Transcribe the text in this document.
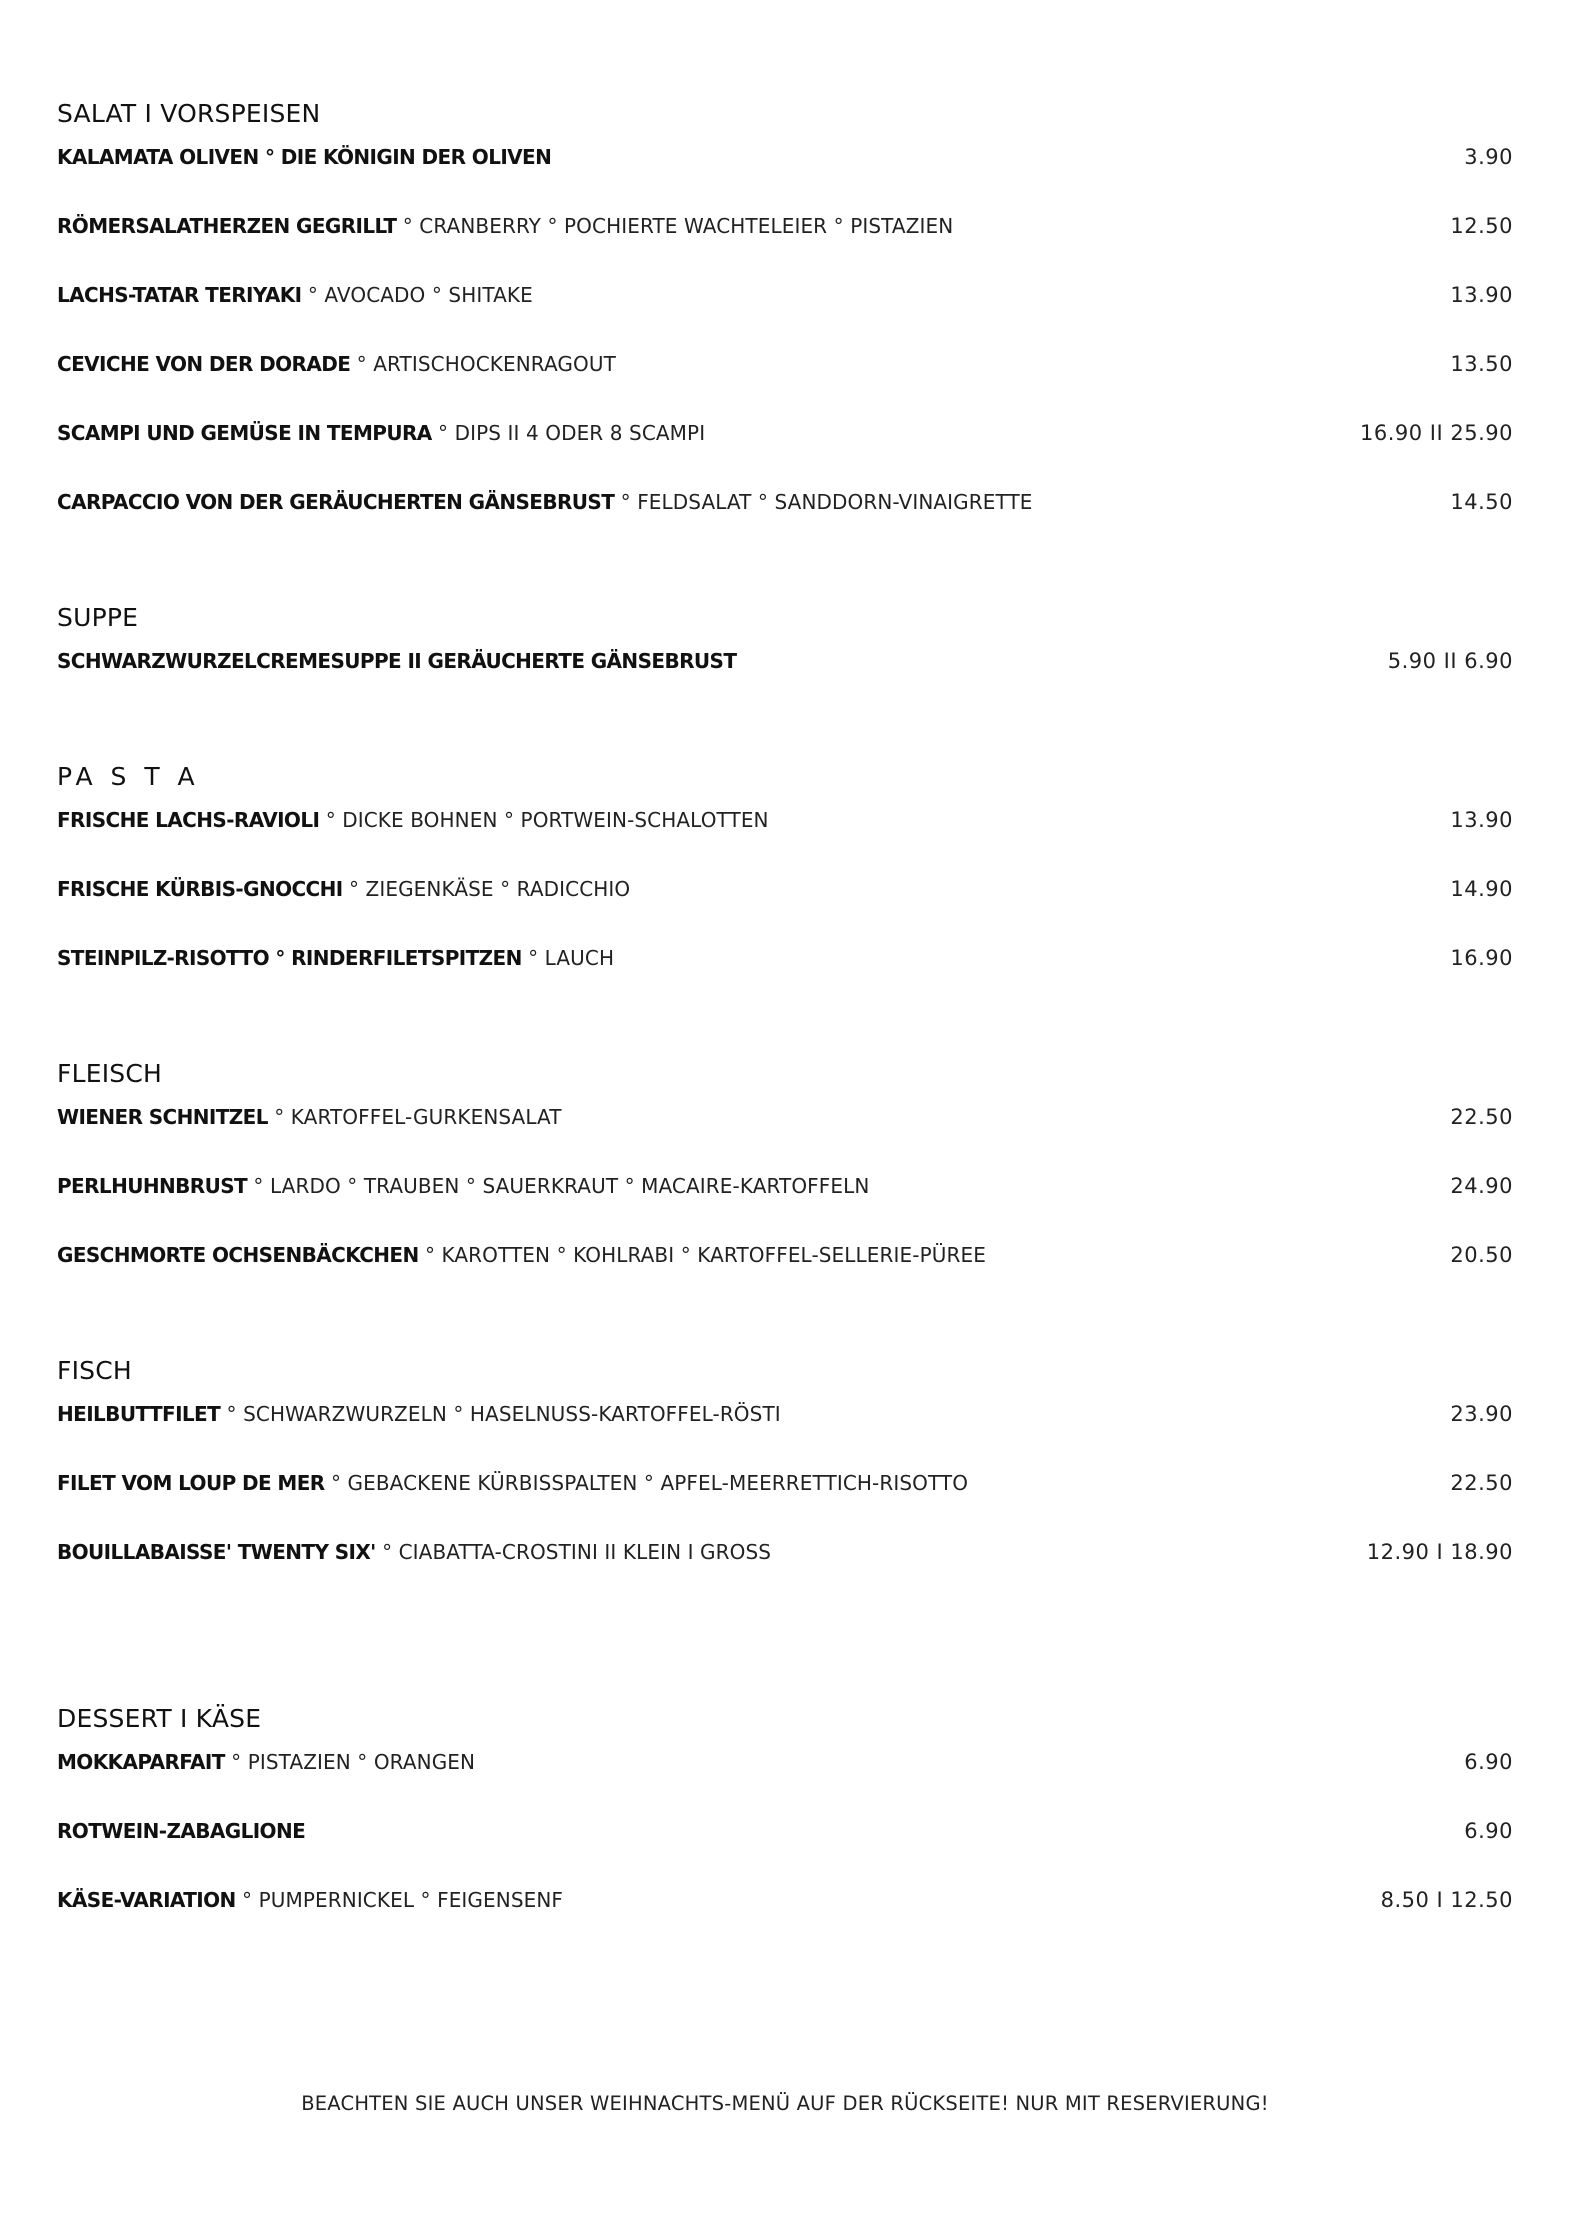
SALAT I VORSPEISEN
KALAMATA OLIVEN ° DIE KÖNIGIN DER OLIVEN	3.90
RÖMERSALATHERZEN GEGRILLT ° CRANBERRY ° POCHIERTE WACHTELEIER ° PISTAZIEN	12.50
LACHS-TATAR TERIYAKI ° AVOCADO ° SHITAKE	13.90
CEVICHE VON DER DORADE ° ARTISCHOCKENRAGOUT	13.50
SCAMPI UND GEMÜSE IN TEMPURA ° DIPS II 4 ODER 8 SCAMPI	16.90 II 25.90
CARPACCIO VON DER GERÄUCHERTEN GÄNSEBRUST ° FELDSALAT ° SANDDORN-VINAIGRETTE	14.50
SUPPE
SCHWARZWURZELCREMESUPPE II GERÄUCHERTE GÄNSEBRUST	5.90 II 6.90
PA S T A
FRISCHE LACHS-RAVIOLI ° DICKE BOHNEN ° PORTWEIN-SCHALOTTEN	13.90
FRISCHE KÜRBIS-GNOCCHI ° ZIEGENKÄSE ° RADICCHIO	14.90
STEINPILZ-RISOTTO ° RINDERFILETSPITZEN ° LAUCH	16.90
FLEISCH
WIENER SCHNITZEL ° KARTOFFEL-GURKENSALAT	22.50
PERLHUHNBRUST ° LARDO ° TRAUBEN ° SAUERKRAUT ° MACAIRE-KARTOFFELN	24.90
GESCHMORTE OCHSENBÄCKCHEN ° KAROTTEN ° KOHLRABI ° KARTOFFEL-SELLERIE-PÜREE	20.50
FISCH
HEILBUTTFILET ° SCHWARZWURZELN ° HASELNUSS-KARTOFFEL-RÖSTI	23.90
FILET VOM LOUP DE MER ° GEBACKENE KÜRBISSPALTEN ° APFEL-MEERRETTICH-RISOTTO	22.50
BOUILLABAISSE' TWENTY SIX' ° CIABATTA-CROSTINI II KLEIN I GROSS	12.90 I 18.90
DESSERT I KÄSE
MOKKAPARFAIT ° PISTAZIEN ° ORANGEN	6.90
ROTWEIN-ZABAGLIONE	6.90
KÄSE-VARIATION ° PUMPERNICKEL ° FEIGENSENF	8.50 I 12.50

BEACHTEN SIE AUCH UNSER WEIHNACHTS-MENÜ AUF DER RÜCKSEITE! NUR MIT RESERVIERUNG!
